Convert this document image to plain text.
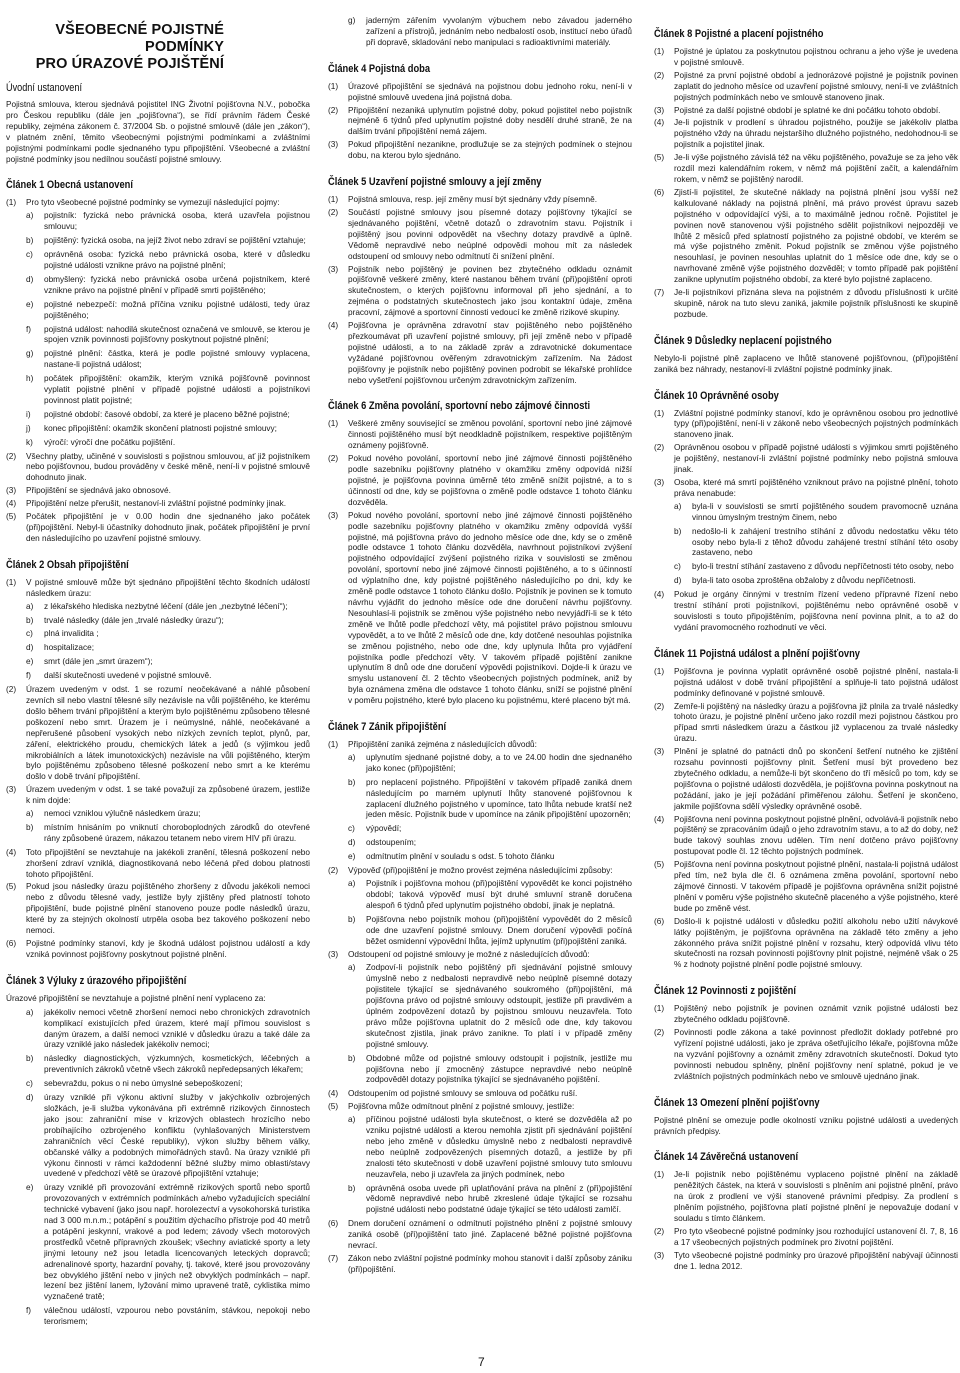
VŠEOBECNÉ POJISTNÉ PODMÍNKY
PRO ÚRAZOVÉ POJIŠTĚNÍ
Úvodní ustanovení

Pojistná smlouva, kterou sjednává pojistitel ING Životní pojišťovna N.V., pobočka pro Českou republiku (dále jen „pojišťovna“), se řídí právním řádem České republiky, zejména zákonem č. 37/2004 Sb. o pojistné smlouvě (dále jen „zákon“), v platném znění, těmito všeobecnými pojistnými podmínkami a zvláštními pojistnými podmínkami podle sjednaného typu připojištění. Všeobecné a zvláštní pojistné podmínky jsou nedílnou součástí pojistné smlouvy.

Článek 1 Obecná ustanovení
(1)	Pro tyto všeobecné pojistné podmínky se vymezují následující pojmy:
a)	pojistník: fyzická nebo právnická osoba, která uzavřela pojistnou smlouvu;
b)	pojištěný: fyzická osoba, na jejíž život nebo zdraví se pojištění vztahuje;
c)	oprávněná osoba: fyzická nebo právnická osoba, které v důsledku pojistné události vznikne právo na pojistné plnění;
d)	obmyšlený: fyzická nebo právnická osoba určená pojistníkem, které vznikne právo na pojistné plnění v případě smrti pojištěného;
e)	pojistné nebezpečí: možná příčina vzniku pojistné události, tedy úraz pojištěného;
f)	pojistná událost: nahodilá skutečnost označená ve smlouvě, se kterou je spojen vznik povinnosti pojišťovny poskytnout pojistné plnění;
g)	pojistné plnění: částka, která je podle pojistné smlouvy vyplacena, nastane-li pojistná událost;
h)	počátek připojištění: okamžik, kterým vzniká pojišťovně povinnost vyplatit pojistné plnění v případě pojistné události a pojistníkovi povinnost platit pojistné;
i)	pojistné období: časové období, za které je placeno běžné pojistné;
j)	konec připojištění: okamžik skončení platnosti pojistné smlouvy;
k)	výročí: výročí dne počátku pojištění.
(2)	Všechny platby, učiněné v souvislosti s pojistnou smlouvou, ať již pojistníkem nebo pojišťovnou, budou prováděny v české měně, není-li v pojistné smlouvě dohodnuto jinak.
(3)	Připojištění se sjednává jako obnosové.
(4)	Připojištění nelze přerušit, nestanoví-li zvláštní pojistné podmínky jinak.
(5)	Počátek připojištění je v 0.00 hodin dne sjednaného jako počátek (při)pojištění. Nebyl-li účastníky dohodnuto jinak, počátek připojištění je první den následujícího po uzavření pojistné smlouvy.
Článek 2 Obsah připojištění
(1)	V pojistné smlouvě může být sjednáno připojištění těchto škodních událostí následkem úrazu:
a)	z lékařského hlediska nezbytné léčení (dále jen „nezbytné léčení“);
b)	trvalé následky (dále jen „trvalé následky úrazu“);
c)	plná invalidita ;
d)	hospitalizace;
e)	smrt (dále jen „smrt úrazem“);
f)	další skutečnosti uvedené v pojistné smlouvě.
(2)	Úrazem uvedeným v odst. 1 se rozumí neočekávané a náhlé působení zevních sil nebo vlastní tělesné síly nezávisle na vůli pojištěného, ke kterému došlo během trvání připojištění a kterým bylo pojištěnému způsobeno tělesné poškození nebo smrt. Úrazem je i neúmyslné, náhlé, neočekávané a nepřerušené působení vysokých nebo nízkých zevních teplot, plynů, par, záření, elektrického proudu, chemických látek a jedů (s výjimkou jedů mikrobiálních a látek imunotoxických) nezávisle na vůli pojištěného, kterým bylo pojištěnému způsobeno tělesné poškození nebo smrt a ke kterému došlo v době trvání připojištění.
(3)	Úrazem uvedeným v odst. 1 se také považují za způsobené úrazem, jestliže k nim dojde:
a)	nemoci vzniklou výlučně následkem úrazu;
b)	místním hnisáním po vniknutí choroboplodných zárodků do otevřené rány způsobené úrazem, nákazou tetanem nebo virem HIV při úrazu.
(4)	Toto připojištění se nevztahuje na jakékoli zranění, tělesná poškození nebo zhoršení zdraví vzniklá, diagnostikovaná nebo léčená před dobou platnosti tohoto připojištění.
(5)	Pokud jsou následky úrazu pojištěného zhoršeny z důvodu jakékoli nemoci nebo z důvodu tělesné vady, jestliže byly zjištěny před platností tohoto připojištění, bude pojistné plnění stanoveno pouze podle následků úrazu, které by za stejných okolností utrpěla osoba bez takového poškození nebo nemoci.
(6)	Pojistné podmínky stanoví, kdy je škodná událost pojistnou událostí a kdy vzniká povinnost pojišťovny poskytnout pojistné plnění.
Článek 3 Výluky z úrazového připojištění

Úrazové připojištění se nevztahuje a pojistné plnění není vyplaceno za:

a)	jakékoliv nemoci včetně zhoršení nemoci nebo chronických zdravotních komplikací existujících před úrazem, které mají přímou souvislost s daným úrazem, a další nemoci vzniklé v důsledku úrazu a také dále za úrazy vzniklé jako následek jakékoliv nemoci;
b)	následky diagnostických, výzkumných, kosmetických, léčebných a preventivních zákroků včetně všech zákroků nepředepsaných lékařem;
c)	sebevraždu, pokus o ni nebo úmyslné sebepoškození;
d)	úrazy vzniklé při výkonu aktivní služby v jakýchkoliv ozbrojených složkách, je-li služba vykonávána při extrémně rizikových činnostech jako jsou: zahraniční mise v krizových oblastech hrozícího nebo probíhajícího ozbrojeného konfliktu (vyhlašovaných Ministerstvem zahraničních věcí České republiky), výkon služby během války, občanské války a podobných mimořádných stavů. Na úrazy vzniklé při výkonu činnosti v rámci každodenní běžné služby mimo oblasti/stavy uvedené v předchozí větě se úrazové připojištění vztahuje;
e)	úrazy vzniklé při provozování extrémně rizikových sportů nebo sportů provozovaných v extrémních podmínkách a/nebo vyžadujících speciální technické vybavení (jako jsou např. horolezectví a vysokohorská turistika nad 3 000 m.n.m.; potápění s použitím dýchacího přístroje pod 40 metrů a potápění jeskynní, vrakové a pod ledem; závody všech motorových prostředků včetně přípravných zkoušek; všechny aviatické sporty a lety jinými letouny než jsou letadla licencovaných leteckých dopravců; adrenalinové sporty, hazardní povahy, tj. takové, které jsou provozovány bez obvyklého jištění nebo v jiných než obvyklých podmínkách – např. lezení bez jištění lanem, lyžování mimo upravené tratě, cyklistika mimo vyznačené tratě;
f)	válečnou událostí, vzpourou nebo povstáním, stávkou, nepokoji nebo terorismem;
g)	jaderným zářením vyvolaným výbuchem nebo závadou jaderného zařízení a přístrojů, jednáním nebo nedbalostí osob, institucí nebo úřadů při dopravě, skladování nebo manipulaci s radioaktivními materiály.
Článek 4 Pojistná doba
(1)	Úrazové připojištění se sjednává na pojistnou dobu jednoho roku, není-li v pojistné smlouvě uvedena jiná pojistná doba.
(2)	Připojištění nezaniká uplynutím pojistné doby, pokud pojistitel nebo pojistník nejméně 6 týdnů před uplynutím pojistné doby nesdělí druhé straně, že na dalším trvání připojištění nemá zájem.
(3)	Pokud připojištění nezanikne, prodlužuje se za stejných podmínek o stejnou dobu, na kterou bylo sjednáno.
Článek 5 Uzavření pojistné smlouvy a její změny
(1)	Pojistná smlouva, resp. její změny musí být sjednány vždy písemně.
(2)	Součástí pojistné smlouvy jsou písemné dotazy pojišťovny týkající se sjednávaného pojištění, včetně dotazů o zdravotním stavu. Pojistník i pojištěný jsou povinni odpovědět na všechny dotazy pravdivě a úplně. Vědomě nepravdivé nebo neúplné odpovědi mohou mít za následek odstoupení od smlouvy nebo odmítnutí či snížení plnění.
(3)	Pojistník nebo pojištěný je povinen bez zbytečného odkladu oznámit pojišťovně veškeré změny, které nastanou během trvání (při)pojištění oproti skutečnostem, o kterých pojišťovnu informoval při jeho sjednání, a to zejména o podstatných skutečnostech jako jsou kontaktní údaje, změna pracovní, zájmové a sportovní činnosti vedoucí ke změně rizikové skupiny.
(4)	Pojišťovna je oprávněna zdravotní stav pojištěného nebo pojištěného přezkoumávat při uzavření pojistné smlouvy, při její změně nebo v případě pojistné události, a to na základě zpráv a zdravotnické dokumentace vyžádané pojišťovnou ověřeným zdravotnickým zařízením. Na žádost pojišťovny je pojistník nebo pojištěný povinen podrobit se lékařské prohlídce nebo vyšetření pojišťovnou určeným zdravotnickým zařízením.
Článek 6 Změna povolání, sportovní nebo zájmové činnosti
(1)	Veškeré změny související se změnou povolání, sportovní nebo jiné zájmové činnosti pojištěného musí být neodkladně pojistníkem, respektive pojištěným oznámeny pojišťovně.
(2)	Pokud nového povolání, sportovní nebo jiné zájmové činnosti pojištěného podle sazebníku pojišťovny platného v okamžiku změny odpovídá nižší pojistné, je pojišťovna povinna úměrně této změně snížit pojistné, a to s účinností od dne, kdy se pojišťovna o změně podle odstavce 1 tohoto článku dozvěděla.
(3)	Pokud nového povolání, sportovní nebo jiné zájmové činnosti pojištěného podle sazebníku pojišťovny platného v okamžiku změny odpovídá vyšší pojistné, má pojišťovna právo do jednoho měsíce ode dne, kdy se o změně podle odstavce 1 tohoto článku dozvěděla, navrhnout pojistníkovi zvýšení pojistného odpovídající zvýšení pojistného rizika v souvislosti se změnou povolání, sportovní nebo jiné zájmové činnosti pojištěného, a to s účinností od výplatního dne, kdy pojistné pojištěného následujícího po dni, kdy ke změně podle odstavce 1 tohoto článku došlo. Pojistník je povinen se k tomuto návrhu vyjádřit do jednoho měsíce ode dne doručení návrhu pojišťovny. Nesouhlasí-li pojistník se změnou výše pojistného nebo nevyjádří-li se k této změně ve lhůtě podle předchozí věty, má pojistitel právo pojistnou smlouvu vypovědět, a to ve lhůtě 2 měsíců ode dne, kdy dotčené nesouhlas pojistníka se změnou pojistného, nebo ode dne, kdy uplynula lhůta pro vyjádření pojistníka podle předchozí věty. V takovém případě pojištění zanikne uplynutím 8 dnů ode dne doručení výpovědi pojistníkovi. Dojde-li k úrazu ve smyslu ustanovení čl. 2 těchto všeobecných pojistných podmínek, aniž by byla oznámena změna dle odstavce 1 tohoto článku, sníží se pojistné plnění v poměru pojistného, které bylo placeno ku pojistnému, které placeno být má.
Článek 7 Zánik připojištění
(1)	Připojištění zaniká zejména z následujících důvodů:
a)	uplynutím sjednané pojistné doby, a to ve 24.00 hodin dne sjednaného jako konec (při)pojištění;
b)	pro neplacení pojistného. Připojištění v takovém případě zaniká dnem následujícím po marném uplynutí lhůty stanovené pojišťovnou k zaplacení dlužného pojistného v upomínce, tato lhůta nebude kratší než jeden měsíc. Pojistník bude v upomínce na zánik připojištění upozorněn;
c)	výpovědí;
d)	odstoupením;
e)	odmítnutím plnění v souladu s odst. 5 tohoto článku
(2)	Výpověď (při)pojištění je možno provést zejména následujícími způsoby:
a)	Pojistník i pojišťovna mohou (při)pojištění vypovědět ke konci pojistného období; taková výpověď musí být druhé smluvní straně doručena alespoň 6 týdnů před uplynutím pojistného období, jinak je neplatná.
b)	Pojišťovna nebo pojistník mohou (při)pojištění vypovědět do 2 měsíců ode dne uzavření pojistné smlouvy. Dnem doručení výpovědi počíná běžet osmidenní výpovědní lhůta, jejímž uplynutím (při)pojištění zaniká.
(3)	Odstoupení od pojistné smlouvy je možné z následujících důvodů:
a)	Zodpoví-li pojistník nebo pojištěný při sjednávání pojistné smlouvy úmyslně nebo z nedbalosti nepravdivě nebo neúplně písemné dotazy pojistitele týkající se sjednávaného soukromého (při)pojištění, má pojišťovna právo od pojistné smlouvy odstoupit, jestliže při pravdivém a úplném zodpovězení dotazů by pojistnou smlouvu neuzavřela. Toto právo může pojišťovna uplatnit do 2 měsíců ode dne, kdy takovou skutečnost zjistila, jinak právo zanikne. To platí i v případě změny pojistné smlouvy.
b)	Obdobné může od pojistné smlouvy odstoupit i pojistník, jestliže mu pojišťovna nebo jí zmocněný zástupce nepravdivé nebo neúplně zodpověděl dotazy pojistníka týkající se sjednávaného pojištění.
(4)	Odstoupením od pojistné smlouvy se smlouva od počátku ruší.
(5)	Pojišťovna může odmítnout plnění z pojistné smlouvy, jestliže:
a)	příčinou pojistné události byla skutečnost, o které se dozvěděla až po vzniku pojistné události a kterou nemohla zjistit při sjednávání pojištění nebo jeho změně v důsledku úmyslně nebo z nedbalosti nepravdivě nebo neúplně zodpovězených písemných dotazů, a jestliže by při znalosti této skutečnosti v době uzavření pojistné smlouvy tuto smlouvu neuzavřela, nebo ji uzavřela za jiných podmínek, nebo
b)	oprávněná osoba uvede při uplatňování práva na plnění z (při)pojištění vědomě nepravdivé nebo hrubě zkreslené údaje týkající se rozsahu pojistné události nebo podstatné údaje týkající se této události zamlčí.
(6)	Dnem doručení oznámení o odmítnutí pojistného plnění z pojistné smlouvy zaniká osobě (při)pojištění tato jiné. Zaplacené běžné pojistné pojišťovna nevrací.
(7)	Zákon nebo zvláštní pojistné podmínky mohou stanovit i další způsoby zániku (při)pojištění.
Článek 8 Pojistné a placení pojistného
(1)	Pojistné je úplatou za poskytnutou pojistnou ochranu a jeho výše je uvedena v pojistné smlouvě.
(2)	Pojistné za první pojistné období a jednorázové pojistné je pojistník povinen zaplatit do jednoho měsíce od uzavření pojistné smlouvy, není-li ve zvláštních pojistných podmínkách nebo ve smlouvě stanoveno jinak.
(3)	Pojistné za další pojistné období je splatné ke dni počátku tohoto období.
(4)	Je-li pojistník v prodlení s úhradou pojistného, použije se jakékoliv platba pojistného vždy na úhradu nejstaršího dlužného pojistného, nedohodnou-li se pojistník a pojistitel jinak.
(5)	Je-li výše pojistného závislá též na věku pojištěného, považuje se za jeho věk rozdíl mezi kalendářním rokem, v němž má pojištění začít, a kalendářním rokem, v němž se pojištěný narodil.
(6)	Zjistí-li pojistitel, že skutečné náklady na pojistná plnění jsou vyšší než kalkulované náklady na pojistná plnění, má právo provést úpravu sazeb pojistného v odpovídající výši, a to maximálně jednou ročně. Pojistitel je povinen nově stanovenou výši pojistného sdělit pojistníkovi nejpozději ve lhůtě 2 měsíců před splatností pojistného za pojistné období, ve kterém se má výše pojistného změnit. Pokud pojistník se změnou výše pojistného nesouhlasí, je povinen nesouhlas uplatnit do 1 měsíce ode dne, kdy se o navrhované změně výše pojistného dozvěděl; v tomto případě pak pojištění zanikne uplynutím pojistného období, za které bylo pojistné zaplaceno.
(7)	Je-li pojistníkovi přiznána sleva na pojistném z důvodu příslušnosti k určité skupině, nárok na tuto slevu zaniká, jakmile pojistník příslušnosti ke skupině pozbude.
Článek 9 Důsledky neplacení pojistného

Nebylo-li pojistné plně zaplaceno ve lhůtě stanovené pojišťovnou, (při)pojištění zaniká bez náhrady, nestanoví-li zvláštní pojistné podmínky jinak.

Článek 10 Oprávněné osoby
(1)	Zvláštní pojistné podmínky stanoví, kdo je oprávněnou osobou pro jednotlivé typy (při)pojištění, není-li v zákoně nebo všeobecných pojistných podmínkách stanoveno jinak.
(2)	Oprávněnou osobou v případě pojistné události s výjimkou smrti pojištěného je pojištěný, nestanoví-li zvláštní pojistné podmínky nebo pojistná smlouva jinak.
(3)	Osoba, které má smrtí pojištěného vzniknout právo na pojistné plnění, tohoto práva nenabude:
a)	byla-li v souvislosti se smrtí pojištěného soudem pravomocně uznána vinnou úmyslným trestným činem, nebo
b)	nedošlo-li k zahájení trestního stíhání z důvodu nedostatku věku této osoby nebo byla-li z těhož důvodu zahájené trestní stíhání této osoby zastaveno, nebo
c)	bylo-li trestní stíhání zastaveno z důvodu nepříčetnosti této osoby, nebo
d)	byla-li tato osoba zproštěna obžaloby z důvodu nepříčetnosti.
(4)	Pokud je orgány činnými v trestním řízení vedeno přípravné řízení nebo trestní stíhání proti pojistníkovi, pojištěnému nebo oprávněné osobě v souvislosti s touto připojištěním, pojišťovna není povinna plnit, a to až do vydání pravomocného rozhodnutí ve věci.
Článek 11 Pojistná událost a plnění pojišťovny
(1)	Pojišťovna je povinna vyplatit oprávněné osobě pojistné plnění, nastala-li pojistná událost v době trvání připojištění a splňuje-li tato pojistná událost podmínky definované v pojistné smlouvě.
(2)	Zemře-li pojištěný na následky úrazu a pojišťovna již plnila za trvalé následky tohoto úrazu, je pojistné plnění určeno jako rozdíl mezi pojistnou částkou pro případ smrti následkem úrazu a částkou již vyplacenou za trvalé následky úrazu.
(3)	Plnění je splatné do patnácti dnů po skončení šetření nutného ke zjištění rozsahu povinnosti pojišťovny plnit. Šetření musí být provedeno bez zbytečného odkladu, a nemůže-li být skončeno do tří měsíců po tom, kdy se pojišťovna o pojistné události dozvěděla, je pojišťovna povinna poskytnout na požádání, jako je její požádání přiměřenou zálohu. Šetření je skončeno, jakmile pojišťovna sdělí výsledky oprávněné osobě.
(4)	Pojišťovna není povinna poskytnout pojistné plnění, odvolává-li pojistník nebo pojištěný se zpracováním údajů o jeho zdravotním stavu, a to až do doby, než bude takový souhlas znovu udělen. Tím není dotčeno právo pojišťovny postupovat podle čl. 12 těchto pojistných podmínek.
(5)	Pojišťovna není povinna poskytnout pojistné plnění, nastala-li pojistná událost před tím, než byla dle čl. 6 oznámena změna povolání, sportovní nebo zájmové činnosti. V takovém případě je pojišťovna oprávněna snížit pojistné plnění v poměru výše pojistného skutečně placeného a výše pojistného, které bude po změně vést.
(6)	Došlo-li k pojistné události v důsledku požití alkoholu nebo užití návykové látky pojištěným, je pojišťovna oprávněna na základě této změny a jeho zákonného práva snížit pojistné plnění v rozsahu, který odpovídá vlivu této skutečnosti na rozsah povinnosti pojišťovny plnit pojistné, nejméně však o 25 % z hodnoty pojistné plnění podle pojistné smlouvy.
Článek 12 Povinnosti z pojištění
(1)	Pojištěný nebo pojistník je povinen oznámit vznik pojistné události bez zbytečného odkladu pojišťovně.
(2)	Povinnosti podle zákona a také povinnost předložit doklady potřebné pro vyřízení pojistné události, jako je zpráva ošetřujícího lékaře, pojišťovna může na vyzvání pojišťovny a oznámit změny zdravotních skutečností. Dokud tyto povinnosti nebudou splněny, plnění pojišťovny není splatné, pokud je ve zvláštních pojistných podmínkách nebo ve smlouvě ujednáno jinak.
Článek 13 Omezení plnění pojišťovny

Pojistné plnění se omezuje podle okolností vzniku pojistné události a uvedených právních předpisy.

Článek 14 Závěrečná ustanovení
(1)	Je-li pojistník nebo pojištěnému vyplaceno pojistné plnění na základě peněžitých částek, na která v souvislosti s plněním ani pojistné plnění, právo na úrok z prodlení ve výši stanovené právními předpisy. Za prodlení s plněním pojistného, pojišťovna platí pojistné plnění je nepovažuje dodaní v souladu s tímto článkem.
(2)	Pro tyto všeobecné pojistné podmínky jsou rozhodující ustanovení čl. 7, 8, 16 a 17 všeobecných pojistných podmínek pro životní pojištění.
(3)	Tyto všeobecné pojistné podmínky pro úrazové připojištění nabývají účinnosti dne 1. ledna 2012.
7
